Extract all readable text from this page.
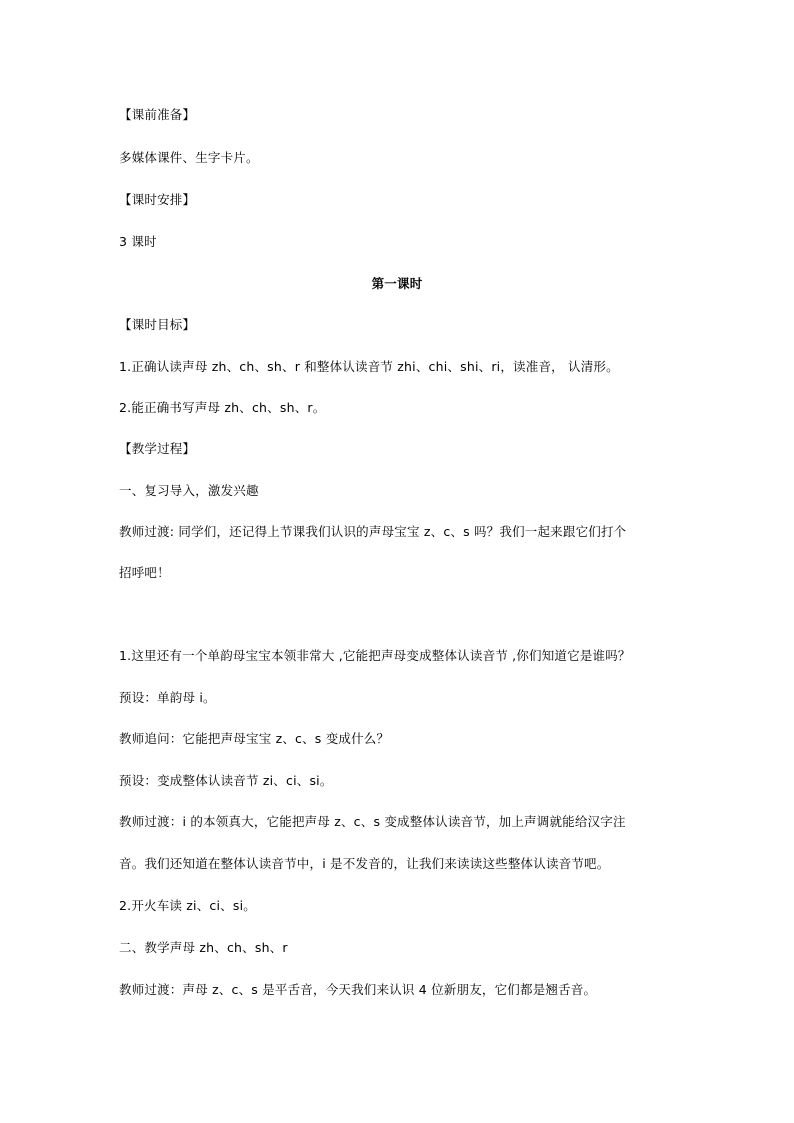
【课前准备】
多媒体课件、生字卡片。
【课时安排】
3 课时
第一课时
【课时目标】
1.正确认读声母 zh、ch、sh、r 和整体认读音节 zhi、chi、shi、ri，读准音， 认清形。
2.能正确书写声母 zh、ch、sh、r。
【教学过程】
一、复习导入，激发兴趣
教师过渡: 同学们，还记得上节课我们认识的声母宝宝 z、c、s 吗？我们一起来跟它们打个
招呼吧！
1.这里还有一个单韵母宝宝本领非常大 ,它能把声母变成整体认读音节 ,你们知道它是谁吗？
预设：单韵母 i。
教师追问：它能把声母宝宝 z、c、s 变成什么？
预设：变成整体认读音节 zi、ci、si。
教师过渡：i 的本领真大，它能把声母 z、c、s 变成整体认读音节，加上声调就能给汉字注
音。我们还知道在整体认读音节中，i 是不发音的，让我们来读读这些整体认读音节吧。
2.开火车读 zi、ci、si。
二、教学声母 zh、ch、sh、r
教师过渡：声母 z、c、s 是平舌音，今天我们来认识 4 位新朋友，它们都是翘舌音。
